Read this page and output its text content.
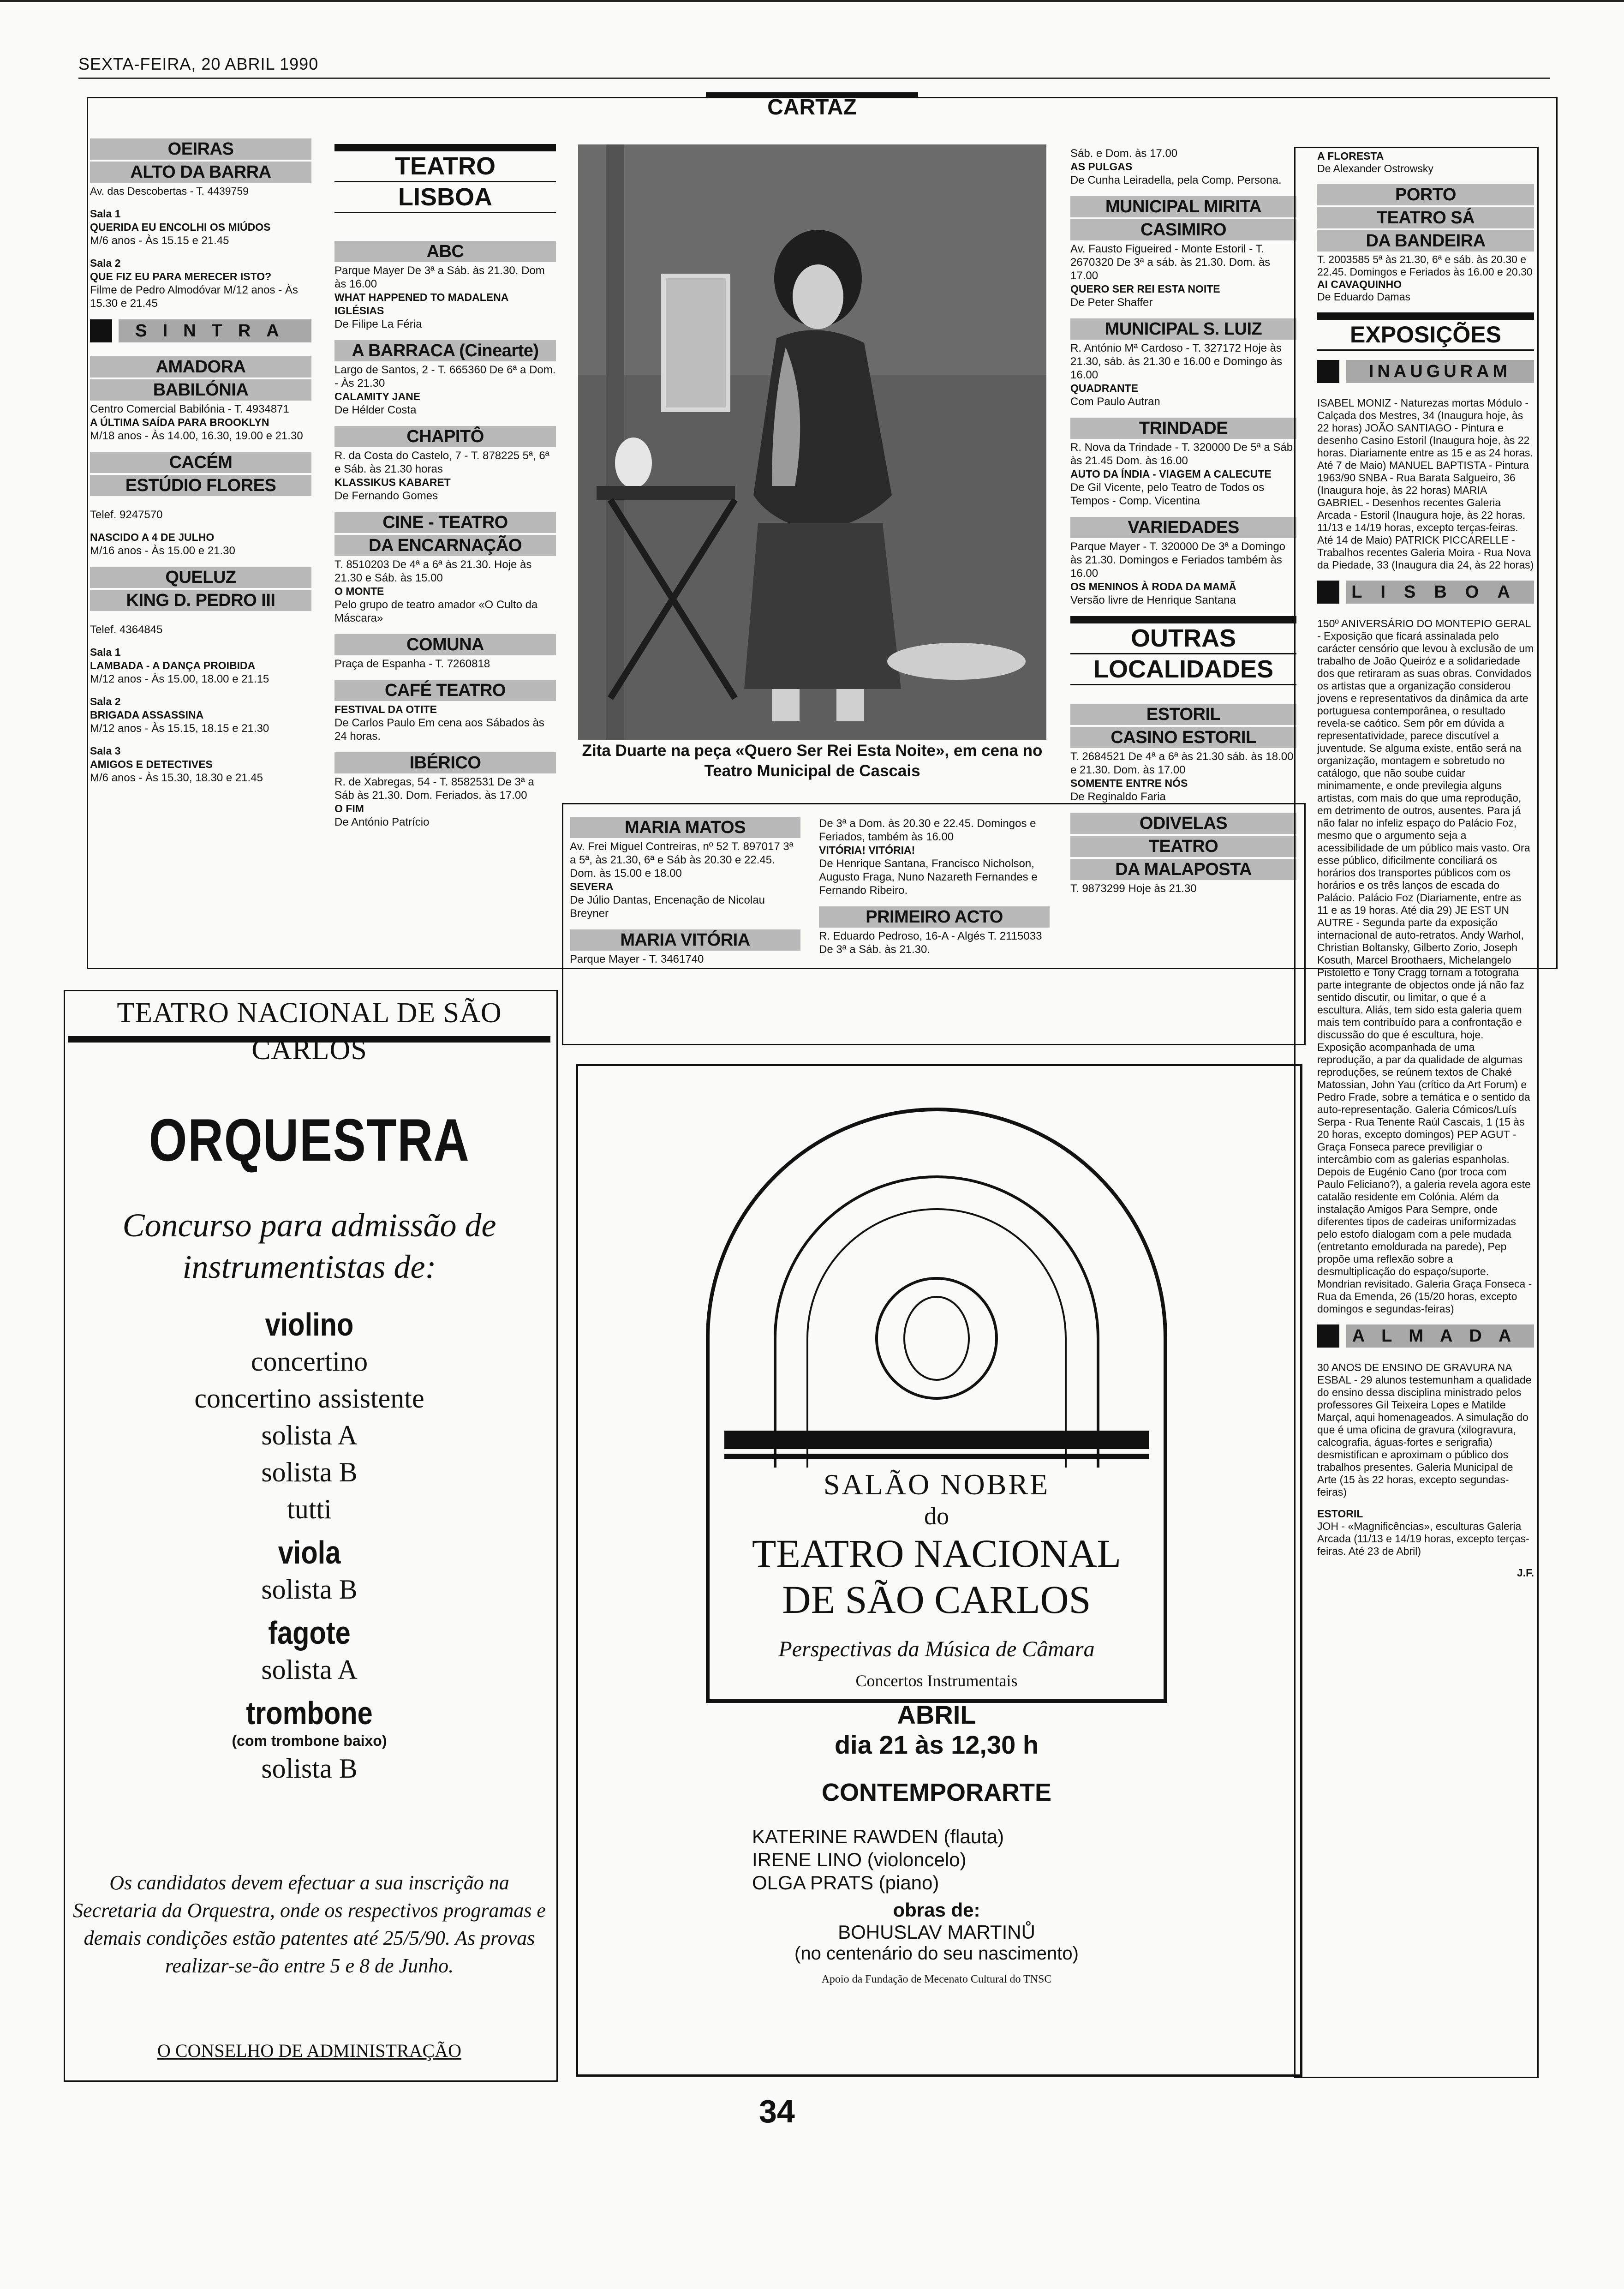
SEXTA-FEIRA, 20 ABRIL 1990
CARTAZ
OEIRAS
ALTO DA BARRA

Av. das Descobertas - T. 4439759

Sala 1
QUERIDA EU ENCOLHI OS MIÚDOS
M/6 anos - Às 15.15 e 21.45

Sala 2
QUE FIZ EU PARA MERECER ISTO?
Filme de Pedro Almodóvar M/12 anos - Às 15.30 e 21.45

SINTRA
AMADORA
BABILÓNIA

Centro Comercial Babilónia - T. 4934871
A ÚLTIMA SAÍDA PARA BROOKLYN
M/18 anos - Às 14.00, 16.30, 19.00 e 21.30

CACÉM
ESTÚDIO FLORES

Telef. 9247570

NASCIDO A 4 DE JULHO
M/16 anos - Às 15.00 e 21.30

QUELUZ
KING D. PEDRO III

Telef. 4364845

Sala 1
LAMBADA - A DANÇA PROIBIDA
M/12 anos - Às 15.00, 18.00 e 21.15

Sala 2
BRIGADA ASSASSINA
M/12 anos - Às 15.15, 18.15 e 21.30

Sala 3
AMIGOS E DETECTIVES
M/6 anos - Às 15.30, 18.30 e 21.45

TEATRO
LISBOA
ABC

Parque Mayer De 3ª a Sáb. às 21.30. Dom às 16.00
WHAT HAPPENED TO MADALENA IGLÉSIAS
De Filipe La Féria

A BARRACA (Cinearte)

Largo de Santos, 2 - T. 665360 De 6ª a Dom. - Às 21.30
CALAMITY JANE
De Hélder Costa

CHAPITÔ

R. da Costa do Castelo, 7 - T. 878225 5ª, 6ª e Sáb. às 21.30 horas
KLASSIKUS KABARET
De Fernando Gomes

CINE - TEATRO
DA ENCARNAÇÃO

T. 8510203 De 4ª a 6ª às 21.30. Hoje às 21.30 e Sáb. às 15.00
O MONTE
Pelo grupo de teatro amador «O Culto da Máscara»

COMUNA

Praça de Espanha - T. 7260818

CAFÉ TEATRO

FESTIVAL DA OTITE
De Carlos Paulo Em cena aos Sábados às 24 horas.

IBÉRICO

R. de Xabregas, 54 - T. 8582531 De 3ª a Sáb às 21.30. Dom. Feriados. às 17.00
O FIM
De António Patrício

Zita Duarte na peça «Quero Ser Rei Esta Noite», em cena no Teatro Municipal de Cascais
MARIA MATOS

Av. Frei Miguel Contreiras, nº 52 T. 897017 3ª a 5ª, às 21.30, 6ª e Sáb às 20.30 e 22.45. Dom. às 15.00 e 18.00
SEVERA
De Júlio Dantas, Encenação de Nicolau Breyner

MARIA VITÓRIA

Parque Mayer - T. 3461740

De 3ª a Dom. às 20.30 e 22.45. Domingos e Feriados, também às 16.00
VITÓRIA! VITÓRIA!
De Henrique Santana, Francisco Nicholson, Augusto Fraga, Nuno Nazareth Fernandes e Fernando Ribeiro.

PRIMEIRO ACTO

R. Eduardo Pedroso, 16-A - Algés T. 2115033 De 3ª a Sáb. às 21.30.

Sáb. e Dom. às 17.00
AS PULGAS
De Cunha Leiradella, pela Comp. Persona.

MUNICIPAL MIRITA
CASIMIRO

Av. Fausto Figueired - Monte Estoril - T. 2670320 De 3ª a sáb. às 21.30. Dom. às 17.00
QUERO SER REI ESTA NOITE
De Peter Shaffer

MUNICIPAL S. LUIZ

R. António Mª Cardoso - T. 327172 Hoje às 21.30, sáb. às 21.30 e 16.00 e Domingo às 16.00
QUADRANTE
Com Paulo Autran

TRINDADE

R. Nova da Trindade - T. 320000 De 5ª a Sáb. às 21.45 Dom. às 16.00
AUTO DA ÍNDIA - VIAGEM A CALECUTE
De Gil Vicente, pelo Teatro de Todos os Tempos - Comp. Vicentina

VARIEDADES

Parque Mayer - T. 320000 De 3ª a Domingo às 21.30. Domingos e Feriados também às 16.00
OS MENINOS À RODA DA MAMÃ
Versão livre de Henrique Santana

OUTRAS
LOCALIDADES
ESTORIL
CASINO ESTORIL

T. 2684521 De 4ª a 6ª às 21.30 sáb. às 18.00 e 21.30. Dom. às 17.00
SOMENTE ENTRE NÓS
De Reginaldo Faria

ODIVELAS
TEATRO
DA MALAPOSTA

T. 9873299 Hoje às 21.30

A FLORESTA
De Alexander Ostrowsky

PORTO
TEATRO SÁ
DA BANDEIRA

T. 2003585 5ª às 21.30, 6ª e sáb. às 20.30 e 22.45. Domingos e Feriados às 16.00 e 20.30
AI CAVAQUINHO
De Eduardo Damas

EXPOSIÇÕES
INAUGURAM

ISABEL MONIZ - Naturezas mortas Módulo - Calçada dos Mestres, 34 (Inaugura hoje, às 22 horas) JOÃO SANTIAGO - Pintura e desenho Casino Estoril (Inaugura hoje, às 22 horas. Diariamente entre as 15 e as 24 horas. Até 7 de Maio) MANUEL BAPTISTA - Pintura 1963/90 SNBA - Rua Barata Salgueiro, 36 (Inaugura hoje, às 22 horas) MARIA GABRIEL - Desenhos recentes Galeria Arcada - Estoril (Inaugura hoje, às 22 horas. 11/13 e 14/19 horas, excepto terças-feiras. Até 14 de Maio) PATRICK PICCARELLE - Trabalhos recentes Galeria Moira - Rua Nova da Piedade, 33 (Inaugura dia 24, às 22 horas)

LISBOA

150º ANIVERSÁRIO DO MONTEPIO GERAL - Exposição que ficará assinalada pelo carácter censório que levou à exclusão de um trabalho de João Queiróz e a solidariedade dos que retiraram as suas obras. Convidados os artistas que a organização considerou jovens e representativos da dinâmica da arte portuguesa contemporânea, o resultado revela-se caótico. Sem pôr em dúvida a representatividade, parece discutível a juventude. Se alguma existe, então será na organização, montagem e sobretudo no catálogo, que não soube cuidar minimamente, e onde previlegia alguns artistas, com mais do que uma reprodução, em detrimento de outros, ausentes. Para já não falar no infeliz espaço do Palácio Foz, mesmo que o argumento seja a acessibilidade de um público mais vasto. Ora esse público, dificilmente conciliará os horários dos transportes públicos com os horários e os três lanços de escada do Palácio. Palácio Foz (Diariamente, entre as 11 e as 19 horas. Até dia 29) JE EST UN AUTRE - Segunda parte da exposição internacional de auto-retratos. Andy Warhol, Christian Boltansky, Gilberto Zorio, Joseph Kosuth, Marcel Broothaers, Michelangelo Pistoletto e Tony Cragg tornam a fotografia parte integrante de objectos onde já não faz sentido discutir, ou limitar, o que é a escultura. Aliás, tem sido esta galeria quem mais tem contribuído para a confrontação e discussão do que é escultura, hoje. Exposição acompanhada de uma reprodução, a par da qualidade de algumas reproduções, se reúnem textos de Chaké Matossian, John Yau (crítico da Art Forum) e Pedro Frade, sobre a temática e o sentido da auto-representação. Galeria Cómicos/Luís Serpa - Rua Tenente Raúl Cascais, 1 (15 às 20 horas, excepto domingos) PEP AGUT - Graça Fonseca parece previligiar o intercâmbio com as galerias espanholas. Depois de Eugénio Cano (por troca com Paulo Feliciano?), a galeria revela agora este catalão residente em Colónia. Além da instalação Amigos Para Sempre, onde diferentes tipos de cadeiras uniformizadas pelo estofo dialogam com a pele mudada (entretanto emoldurada na parede), Pep propõe uma reflexão sobre a desmultiplicação do espaço/suporte. Mondrian revisitado. Galeria Graça Fonseca - Rua da Emenda, 26 (15/20 horas, excepto domingos e segundas-feiras)

ALMADA

30 ANOS DE ENSINO DE GRAVURA NA ESBAL - 29 alunos testemunham a qualidade do ensino dessa disciplina ministrado pelos professores Gil Teixeira Lopes e Matilde Marçal, aqui homenageados. A simulação do que é uma oficina de gravura (xilogravura, calcografia, águas-fortes e serigrafia) desmistifican e aproximam o público dos trabalhos presentes. Galeria Municipal de Arte (15 às 22 horas, excepto segundas-feiras)

ESTORIL
JOH - «Magnificências», esculturas Galeria Arcada (11/13 e 14/19 horas, excepto terças-feiras. Até 23 de Abril)

J.F.

TEATRO NACIONAL DE SÃO CARLOS
ORQUESTRA
Concurso para admissão de instrumentistas de:
violino
concertino
concertino assistente
solista A
solista B
tutti
viola
solista B
fagote
solista A
trombone
(com trombone baixo)
solista B
Os candidatos devem efectuar a sua inscrição na Secretaria da Orquestra, onde os respectivos programas e demais condições estão patentes até 25/5/90. As provas realizar-se-ão entre 5 e 8 de Junho.
O CONSELHO DE ADMINISTRAÇÃO
SALÃO NOBRE
do
TEATRO NACIONAL
DE SÃO CARLOS
Perspectivas da Música de Câmara
Concertos Instrumentais
ABRIL
dia 21 às 12,30 h
CONTEMPORARTE
KATERINE RAWDEN (flauta)
IRENE LINO (violoncelo)
OLGA PRATS (piano)
obras de:
BOHUSLAV MARTINŮ
(no centenário do seu nascimento)
Apoio da Fundação de Mecenato Cultural do TNSC
34
